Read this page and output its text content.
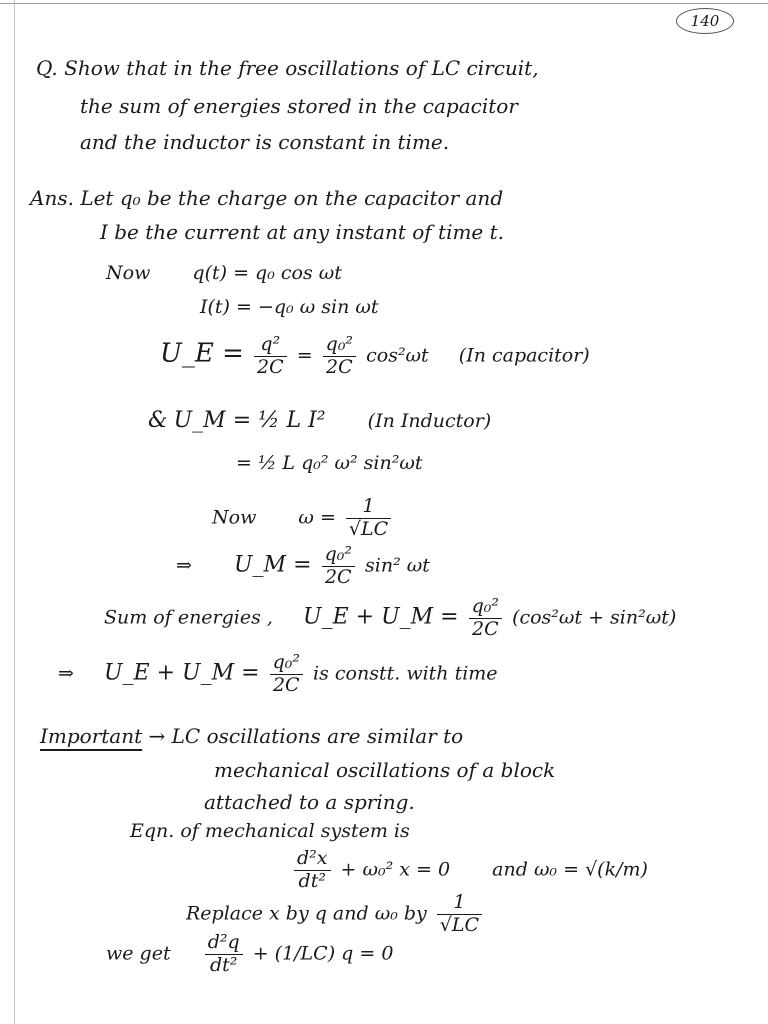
140
Q. Show that in the free oscillations of LC circuit,
the sum of energies stored in the capacitor
and the inductor is constant in time.
Ans. Let q₀ be the charge on the capacitor and
I be the current at any instant of time t.
Now q(t) = q₀ cos ωt
I(t) = −q₀ ω sin ωt
U_E = $\frac{\text{q²}}{2C} = \frac{\text{q₀²}}{2C} \cos^2\omega t$ (In capacitor)
& U_M = ½ L I² (In Inductor)
= ½ L q₀² ω² sin²ωt
Now $\omega = \frac{1}{√LC}$
⇒ U_M = $\frac{\text{q₀²}}{2C} \sin^2$ ωt
Sum of energies , U_E + U_M = $\frac{\text{q₀²}}{2C} (\cos^2\omega t + \sin^2\omega t)$
⇒ U_E + U_M = $\frac{\text{q₀²}}{2C}$ is constt. with time
Important → LC oscillations are similar to
mechanical oscillations of a block
attached to a spring.
Eqn. of mechanical system is
$\frac{\text{d²x}}{\text{dt²}} + \omega_0^2$ x = 0 and ω₀ = √(k/m)
Replace x by q and ω₀ by $\frac{1}{√LC}$
we get $\frac{\text{d²q}}{\text{dt²}} + (1/LC) q = 0$
